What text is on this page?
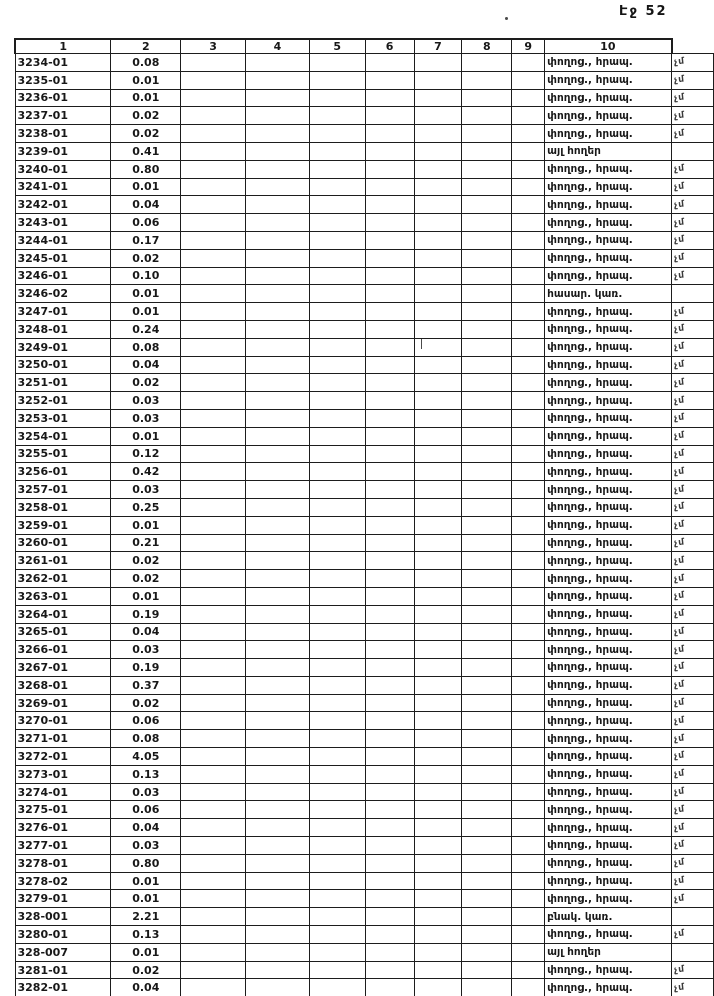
Էջ 52
1	2	3	4	5	6	7	8	9	10	
3234-01	0.08								փողոց., հրապ.	չմ
3235-01	0.01								փողոց., հրապ.	չմ
3236-01	0.01								փողոց., հրապ.	չմ
3237-01	0.02								փողոց., հրապ.	չմ
3238-01	0.02								փողոց., հրապ.	չմ
3239-01	0.41								այլ հողեր	
3240-01	0.80								փողոց., հրապ.	չմ
3241-01	0.01								փողոց., հրապ.	չմ
3242-01	0.04								փողոց., հրապ.	չմ
3243-01	0.06								փողոց., հրապ.	չմ
3244-01	0.17								փողոց., հրապ.	չմ
3245-01	0.02								փողոց., հրապ.	չմ
3246-01	0.10								փողոց., հրապ.	չմ
3246-02	0.01								հասար. կառ.	
3247-01	0.01								փողոց., հրապ.	չմ
3248-01	0.24								փողոց., հրապ.	չմ
3249-01	0.08								փողոց., հրապ.	չմ
3250-01	0.04								փողոց., հրապ.	չմ
3251-01	0.02								փողոց., հրապ.	չմ
3252-01	0.03								փողոց., հրապ.	չմ
3253-01	0.03								փողոց., հրապ.	չմ
3254-01	0.01								փողոց., հրապ.	չմ
3255-01	0.12								փողոց., հրապ.	չմ
3256-01	0.42								փողոց., հրապ.	չմ
3257-01	0.03								փողոց., հրապ.	չմ
3258-01	0.25								փողոց., հրապ.	չմ
3259-01	0.01								փողոց., հրապ.	չմ
3260-01	0.21								փողոց., հրապ.	չմ
3261-01	0.02								փողոց., հրապ.	չմ
3262-01	0.02								փողոց., հրապ.	չմ
3263-01	0.01								փողոց., հրապ.	չմ
3264-01	0.19								փողոց., հրապ.	չմ
3265-01	0.04								փողոց., հրապ.	չմ
3266-01	0.03								փողոց., հրապ.	չմ
3267-01	0.19								փողոց., հրապ.	չմ
3268-01	0.37								փողոց., հրապ.	չմ
3269-01	0.02								փողոց., հրապ.	չմ
3270-01	0.06								փողոց., հրապ.	չմ
3271-01	0.08								փողոց., հրապ.	չմ
3272-01	4.05								փողոց., հրապ.	չմ
3273-01	0.13								փողոց., հրապ.	չմ
3274-01	0.03								փողոց., հրապ.	չմ
3275-01	0.06								փողոց., հրապ.	չմ
3276-01	0.04								փողոց., հրապ.	չմ
3277-01	0.03								փողոց., հրապ.	չմ
3278-01	0.80								փողոց., հրապ.	չմ
3278-02	0.01								փողոց., հրապ.	չմ
3279-01	0.01								փողոց., հրապ.	չմ
328-001	2.21								բնակ. կառ.	
3280-01	0.13								փողոց., հրապ.	չմ
328-007	0.01								այլ հողեր	
3281-01	0.02								փողոց., հրապ.	չմ
3282-01	0.04								փողոց., հրապ.	չմ
